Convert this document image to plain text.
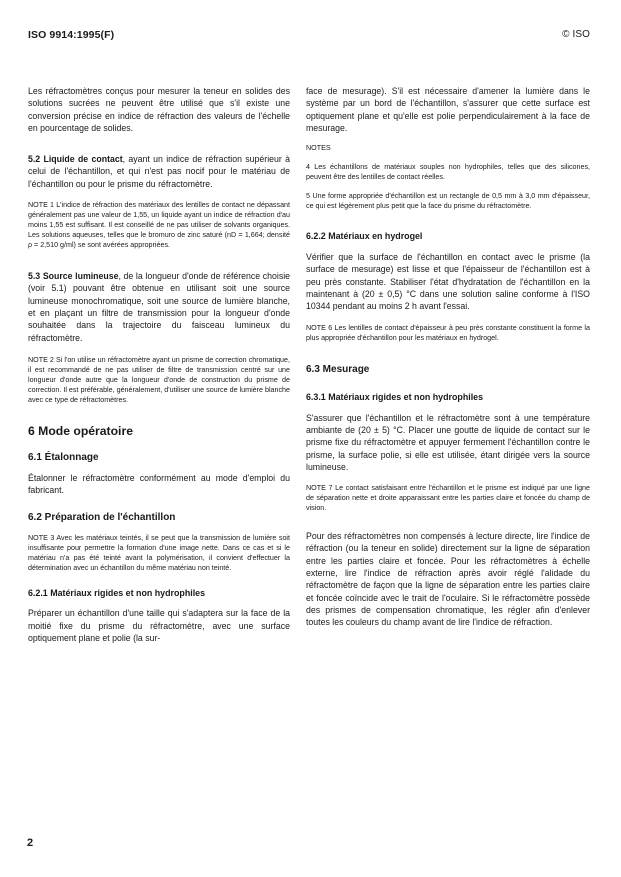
ISO 9914:1995(F)	© ISO

Les réfractomètres conçus pour mesurer la teneur en solides des solutions sucrées ne peuvent être utilisé que s'il existe une conversion précise en indice de réfraction des valeurs de l'échelle en pourcentage de solides.

5.2 Liquide de contact, ayant un indice de réfraction supérieur à celui de l'échantillon, et qui n'est pas nocif pour le matériau de l'échantillon ou pour le prisme du réfractomètre.

NOTE 1 L'indice de réfraction des matériaux des lentilles de contact ne dépassant généralement pas une valeur de 1,55, un liquide ayant un indice de réfraction d'au moins 1,55 est suffisant. Il est conseillé de ne pas utiliser de solvants organiques. Les solutions aqueuses, telles que le bromuro de zinc saturé (nD = 1,664; densité ρ = 2,510 g/ml) se sont avérées appropriées.

5.3 Source lumineuse, de la longueur d'onde de référence choisie (voir 5.1) pouvant être obtenue en utilisant soit une source lumineuse monochromatique, soit une source de lumière blanche, et en plaçant un filtre de transmission pour la longueur d'onde souhaitée dans la trajectoire du faisceau lumineux du réfractomètre.

NOTE 2 Si l'on utilise un réfractomètre ayant un prisme de correction chromatique, il est recommandé de ne pas utiliser de filtre de transmission centré sur une longueur d'onde autre que la longueur d'onde de construction du prisme de correction. Il est préférable, généralement, d'utiliser une source de lumière blanche avec ce type de réfractomètres.

6 Mode opératoire
6.1 Étalonnage

Étalonner le réfractomètre conformément au mode d'emploi du fabricant.

6.2 Préparation de l'échantillon

NOTE 3 Avec les matériaux teintés, il se peut que la transmission de lumière soit insuffisante pour permettre la formation d'une image nette. Dans ce cas et si le matériau n'a pas été teinté avant la polymérisation, il convient d'effectuer la détermination avec un échantillon du même matériau non teinté.

6.2.1 Matériaux rigides et non hydrophiles

Préparer un échantillon d'une taille qui s'adaptera sur la face de la moitié fixe du prisme du réfractomètre, avec une surface optiquement plane et polie (la sur-

face de mesurage). S'il est nécessaire d'amener la lumière dans le système par un bord de l'échantillon, s'assurer que cette surface est optiquement plane et qu'elle est polie perpendiculairement à la face de mesurage.

NOTES

4 Les échantillons de matériaux souples non hydrophiles, telles que des silicones, peuvent être des lentilles de contact réelles.

5 Une forme appropriée d'échantillon est un rectangle de 0,5 mm à 3,0 mm d'épaisseur, ce qui est légèrement plus petit que la face du prisme du réfractomètre.

6.2.2 Matériaux en hydrogel

Vérifier que la surface de l'échantillon en contact avec le prisme (la surface de mesurage) est lisse et que l'épaisseur de l'échantillon est à peu près constante. Stabiliser l'état d'hydratation de l'échantillon en la maintenant à (20 ± 0,5) °C dans une solution saline conforme à l'ISO 10344 pendant au moins 2 h avant l'essai.

NOTE 6 Les lentilles de contact d'épaisseur à peu près constante constituent la forme la plus appropriée d'échantillon pour les matériaux en hydrogel.

6.3 Mesurage
6.3.1 Matériaux rigides et non hydrophiles

S'assurer que l'échantillon et le réfractomètre sont à une température ambiante de (20 ± 5) °C. Placer une goutte de liquide de contact sur le prisme fixe du réfractomètre et appuyer fermement l'échantillon contre le prisme, la surface polie, si elle est utilisée, étant dirigée vers la source lumineuse.

NOTE 7 Le contact satisfaisant entre l'échantillon et le prisme est indiqué par une ligne de séparation nette et droite apparaissant entre les parties claire et foncée du champ de vision.

Pour des réfractomètres non compensés à lecture directe, lire l'indice de réfraction (ou la teneur en solide) directement sur la ligne de séparation entre les parties claire et foncée. Pour les réfractomètres à échelle externe, lire l'indice de réfraction après avoir réglé l'alidade du réfractomètre de façon que la ligne de séparation entre les parties claire et foncée coïncide avec le trait de l'oculaire. Si le réfractomètre possède des prismes de compensation chromatique, les régler afin d'enlever toutes les couleurs du champ avant de lire l'indice de réfraction.

2
